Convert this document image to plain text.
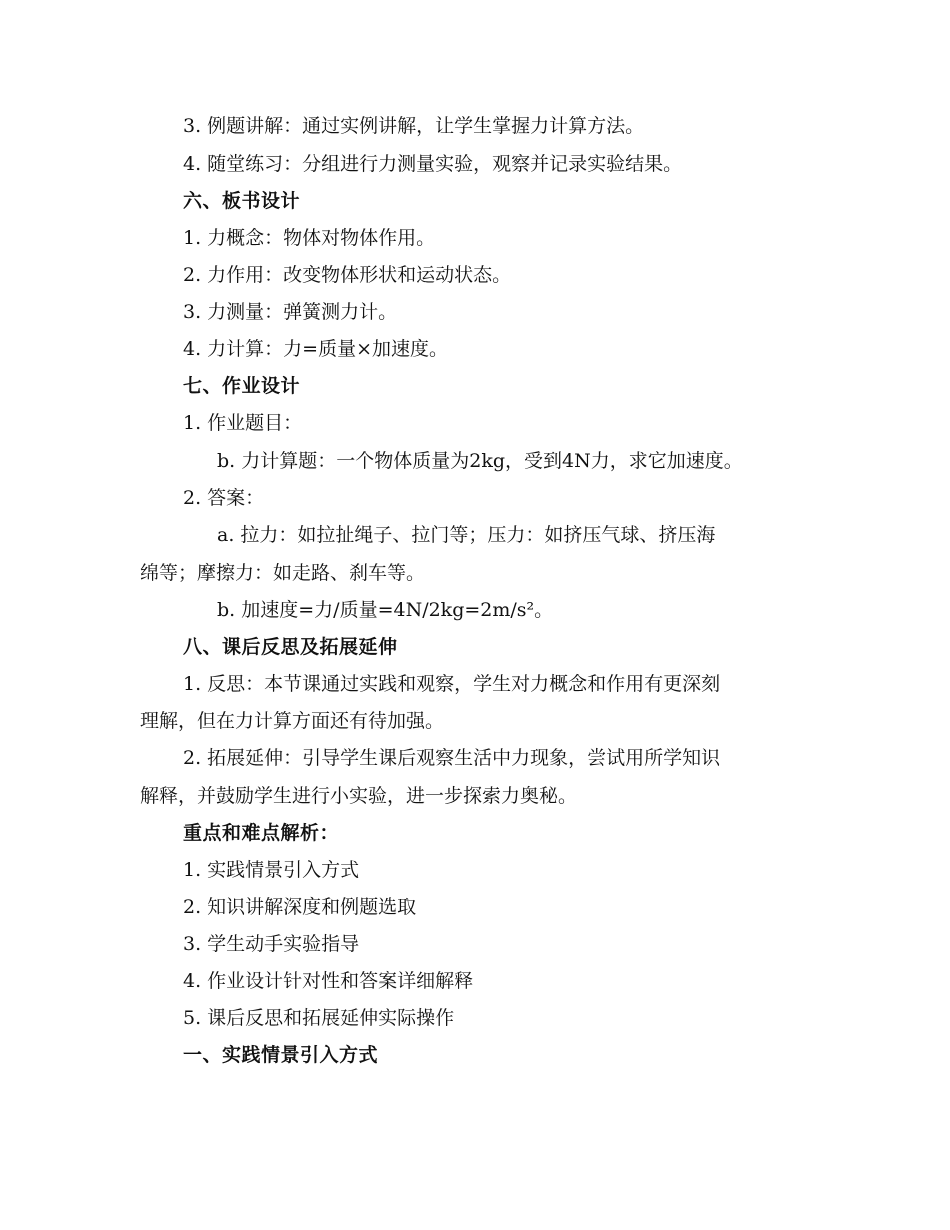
3. 例题讲解：通过实例讲解，让学生掌握力计算方法。
4. 随堂练习：分组进行力测量实验，观察并记录实验结果。
六、板书设计
1. 力概念：物体对物体作用。
2. 力作用：改变物体形状和运动状态。
3. 力测量：弹簧测力计。
4. 力计算：力=质量×加速度。
七、作业设计
1. 作业题目：
b. 力计算题：一个物体质量为2kg，受到4N力，求它加速度。
2. 答案：
a. 拉力：如拉扯绳子、拉门等；压力：如挤压气球、挤压海
绵等；摩擦力：如走路、刹车等。
b. 加速度=力/质量=4N/2kg=2m/s²。
八、课后反思及拓展延伸
1. 反思：本节课通过实践和观察，学生对力概念和作用有更深刻
理解，但在力计算方面还有待加强。
2. 拓展延伸：引导学生课后观察生活中力现象，尝试用所学知识
解释，并鼓励学生进行小实验，进一步探索力奥秘。
重点和难点解析：
1. 实践情景引入方式
2. 知识讲解深度和例题选取
3. 学生动手实验指导
4. 作业设计针对性和答案详细解释
5. 课后反思和拓展延伸实际操作
一、实践情景引入方式
